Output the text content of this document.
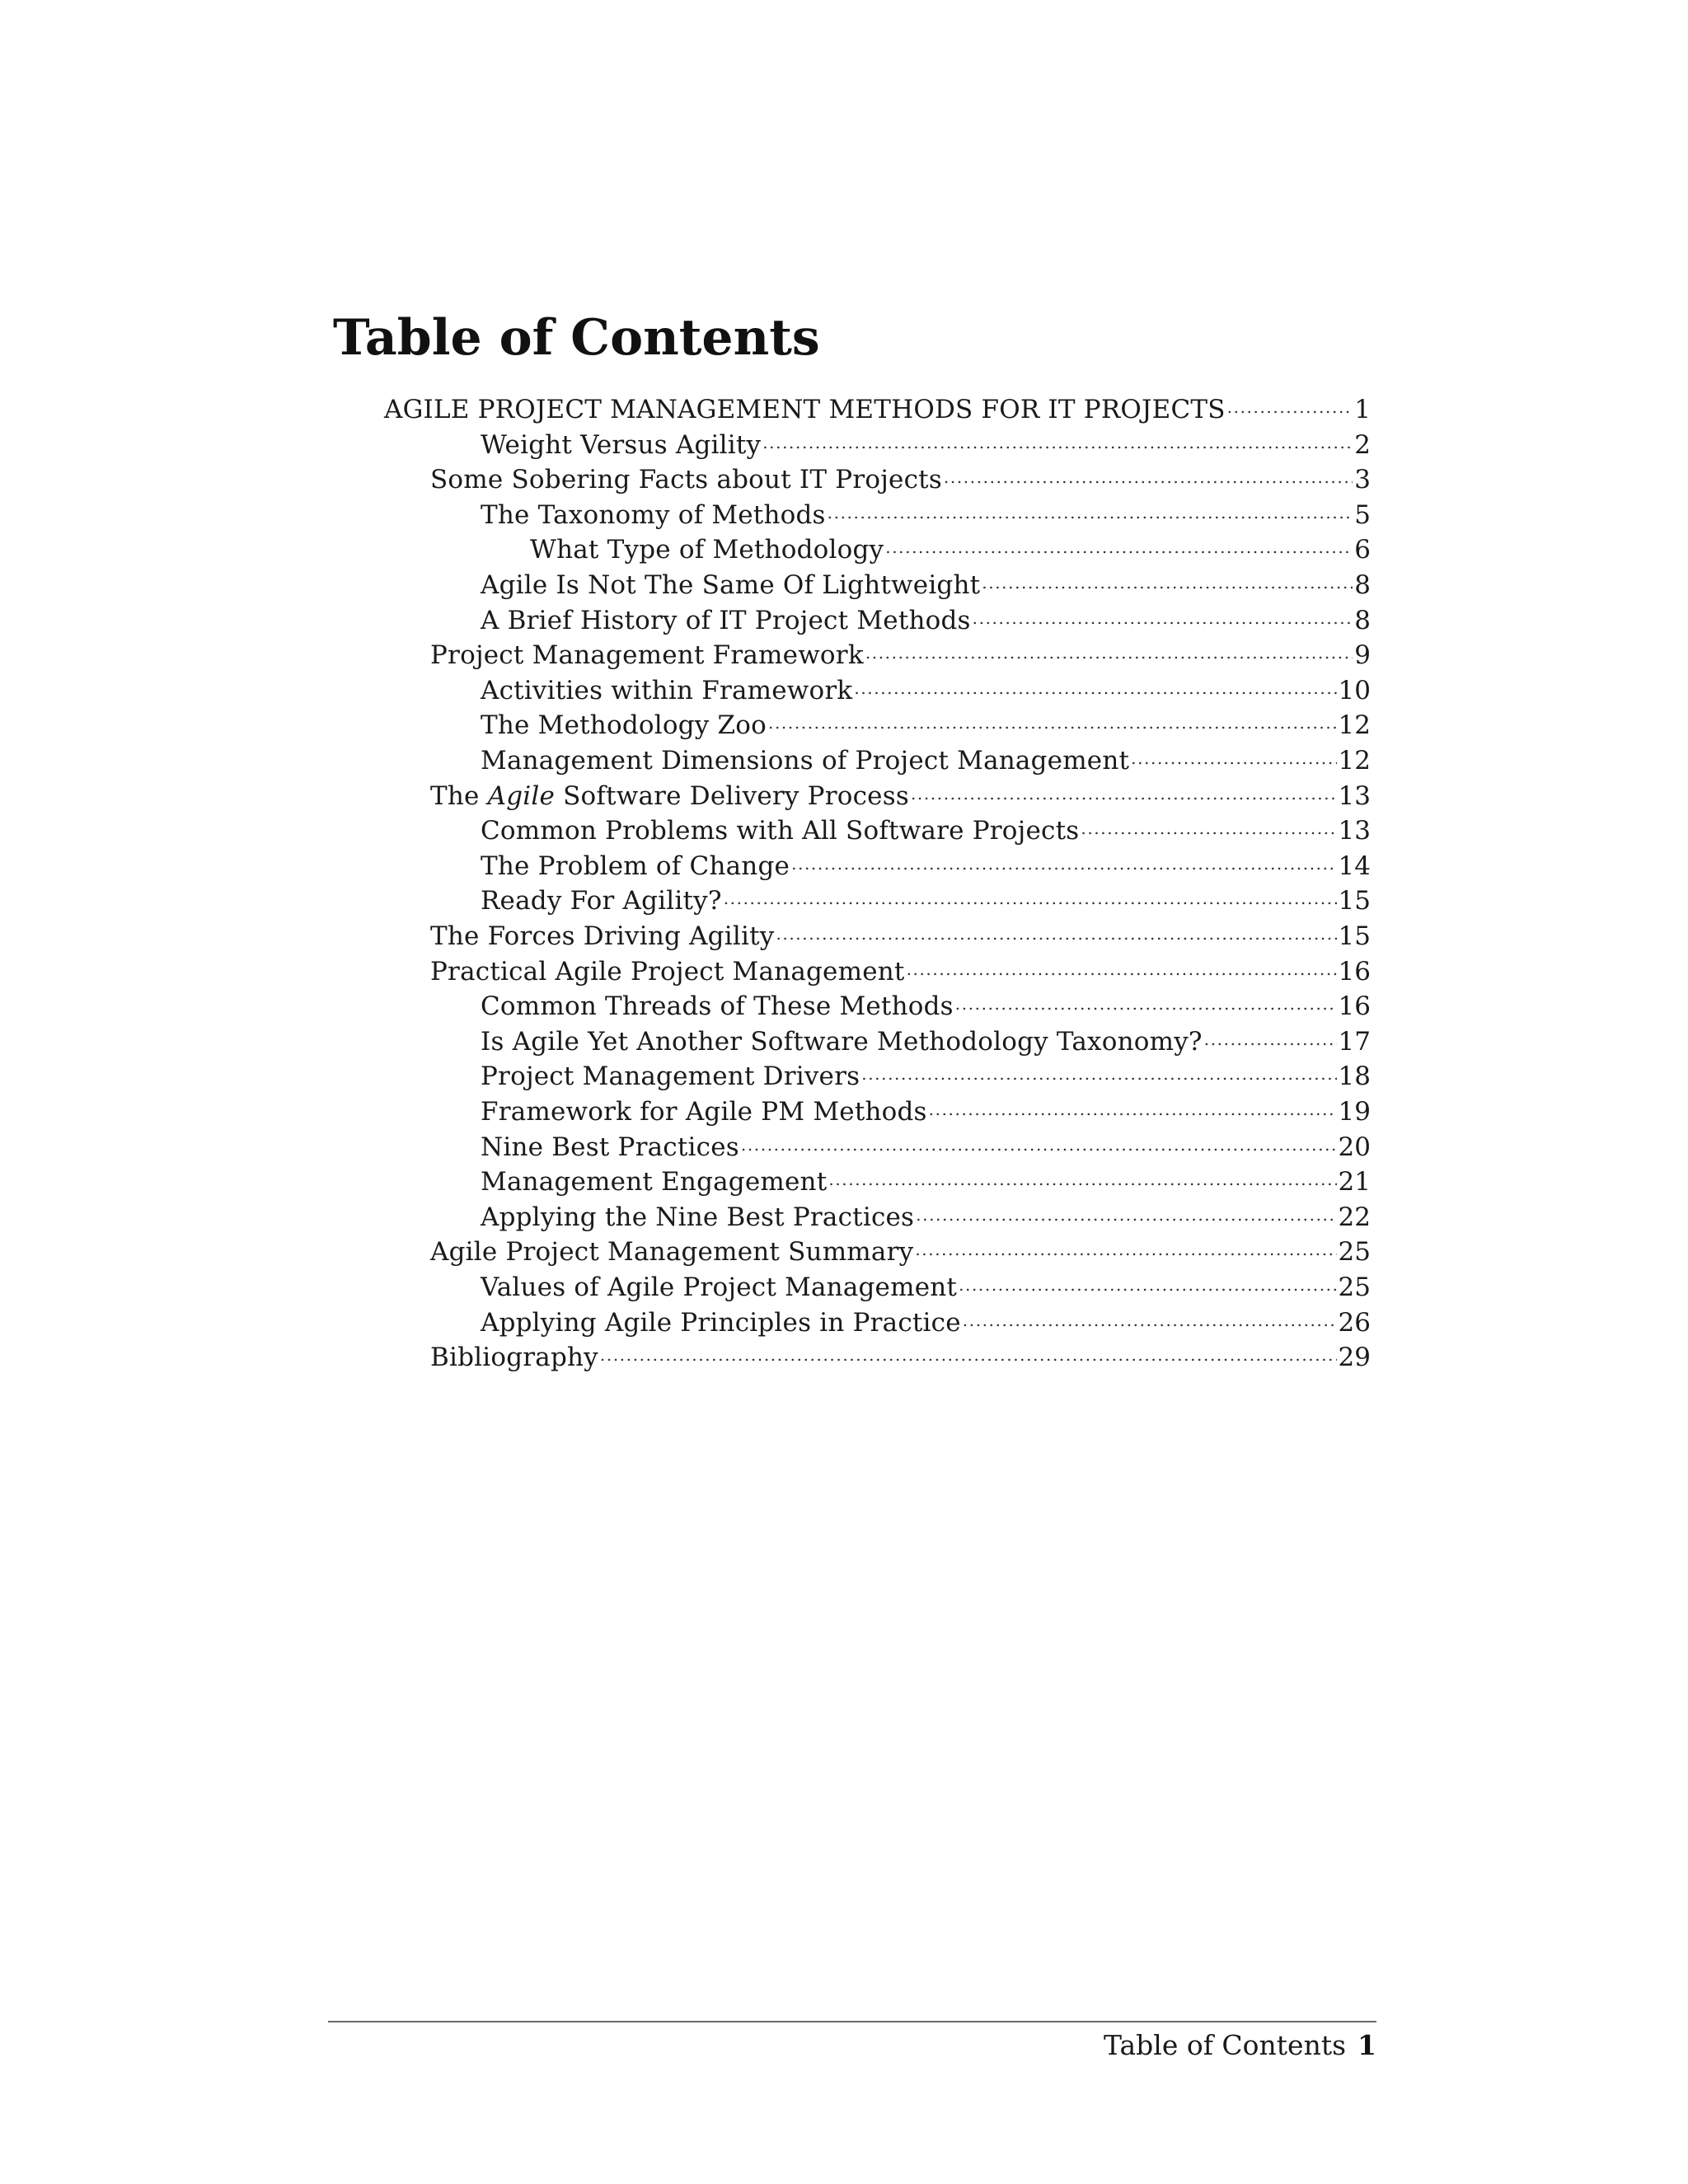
Table of Contents
AGILE PROJECT MANAGEMENT METHODS FOR IT PROJECTS .....	1
Weight Versus Agility .....	2
Some Sobering Facts about IT Projects .....	3
The Taxonomy of Methods .....	5
What Type of Methodology .....	6
Agile Is Not The Same Of Lightweight .....	8
A Brief History of IT Project Methods .....	8
Project Management Framework .....	9
Activities within Framework .....	10
The Methodology Zoo .....	12
Management Dimensions of Project Management .....	12
The Agile Software Delivery Process .....	13
Common Problems with All Software Projects .....	13
The Problem of Change .....	14
Ready For Agility? .....	15
The Forces Driving Agility .....	15
Practical Agile Project Management .....	16
Common Threads of These Methods .....	16
Is Agile Yet Another Software Methodology Taxonomy? .....	17
Project Management Drivers .....	18
Framework for Agile PM Methods .....	19
Nine Best Practices .....	20
Management Engagement .....	21
Applying the Nine Best Practices .....	22
Agile Project Management Summary .....	25
Values of Agile Project Management .....	25
Applying Agile Principles in Practice .....	26
Bibliography .....	29
Table of Contents 1
